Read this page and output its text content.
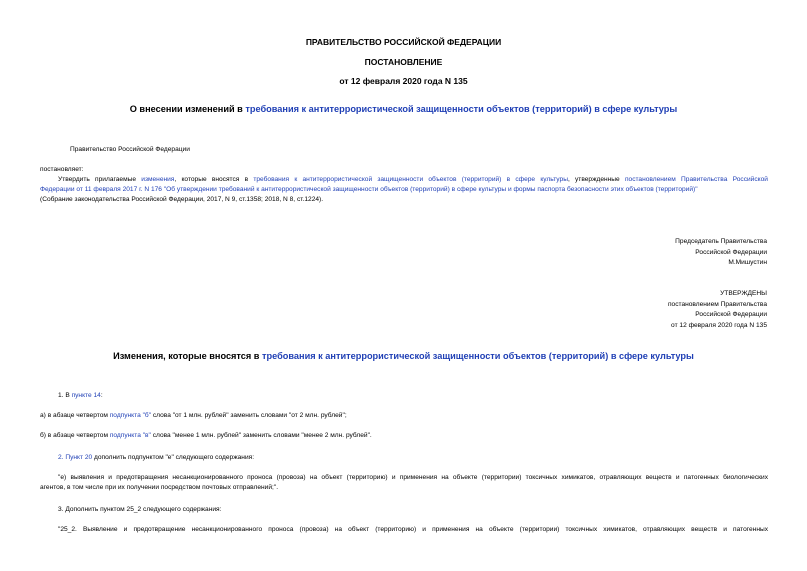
ПРАВИТЕЛЬСТВО РОССИЙСКОЙ ФЕДЕРАЦИИ
ПОСТАНОВЛЕНИЕ
от 12 февраля 2020 года N 135
О внесении изменений в требования к антитеррористической защищенности объектов (территорий) в сфере культуры
Правительство Российской Федерации
постановляет:
Утвердить прилагаемые изменения, которые вносятся в требования к антитеррористической защищенности объектов (территорий) в сфере культуры, утвержденные постановлением Правительства Российской
Федерации от 11 февраля 2017 г. N 176 "Об утверждении требований к антитеррористической защищенности объектов (территорий) в сфере культуры и формы паспорта безопасности этих объектов (территорий)"
(Собрание законодательства Российской Федерации, 2017, N 9, ст.1358; 2018, N 8, ст.1224).
Председатель Правительства
Российской Федерации
М.Мишустин
УТВЕРЖДЕНЫ
постановлением Правительства
Российской Федерации
от 12 февраля 2020 года N 135
Изменения, которые вносятся в требования к антитеррористической защищенности объектов (территорий) в сфере культуры
1. В пункте 14:
а) в абзаце четвертом подпункта "б" слова "от 1 млн. рублей" заменить словами "от 2 млн. рублей";
б) в абзаце четвертом подпункта "в" слова "менее 1 млн. рублей" заменить словами "менее 2 млн. рублей".
2. Пункт 20 дополнить подпунктом "е" следующего содержания:
"е) выявления и предотвращения несанкционированного проноса (провоза) на объект (территорию) и применения на объекте (территории) токсичных химикатов, отравляющих веществ и патогенных биологических
агентов, в том числе при их получении посредством почтовых отправлений;".
3. Дополнить пунктом 25_2 следующего содержания:
"25_2. Выявление и предотвращение несанкционированного проноса (провоза) на объект (территорию) и применения на объекте (территории) токсичных химикатов, отравляющих веществ и патогенных
